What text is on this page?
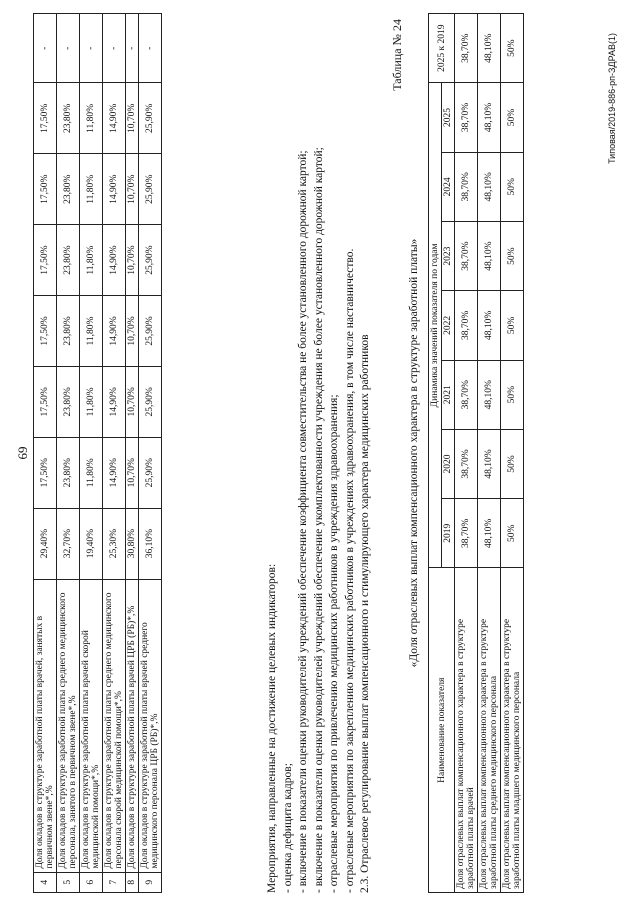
69
4	Доля окладов в структуре заработной платы врачей, занятых в первичном звене*,%	29,40%	17,50%	17,50%	17,50%	17,50%	17,50%	17,50%	-
5	Доля окладов в структуре заработной платы среднего медицинского персонала, занятого в первичном звене*,%	32,70%	23,80%	23,80%	23,80%	23,80%	23,80%	23,80%	-
6	Доля окладов в структуре заработной платы врачей скорой медицинской помощи*,%	19,40%	11,80%	11,80%	11,80%	11,80%	11,80%	11,80%	-
7	Доля окладов в структуре заработной платы среднего медицинского персонала скорой медицинской помощи*,%	25,30%	14,90%	14,90%	14,90%	14,90%	14,90%	14,90%	-
8	Доля окладов в структуре заработной платы врачей ЦРБ (РБ)*,%	30,80%	10,70%	10,70%	10,70%	10,70%	10,70%	10,70%	-
9	Доля окладов в структуре заработной платы врачей среднего медицинского персонала ЦРБ (РБ)*,%	36,10%	25,90%	25,90%	25,90%	25,90%	25,90%	25,90%	-

Мероприятия, направленные на достижение целевых индикаторов: - оценка дефицита кадров; - включение в показатели оценки руководителей учреждений обеспечение коэффициента совместительства не более установленного дорожной картой; - включение в показатели оценки руководителей учреждений обеспечение укомплектованности учреждения не более установленного дорожной картой; - отраслевые мероприятия по привлечению медицинских работников в учреждения здравоохранения; - отраслевые мероприятия по закреплению медицинских работников в учреждениях здравоохранения, в том числе наставничество. 2.3. Отраслевое регулирование выплат компенсационного и стимулирующего характера медицинских работников

Таблица № 24
«Доля отраслевых выплат компенсационного характера в структуре заработной платы»
Наименование показателя	Динамика значений показателя по годам							2025 к 2019
	2019	2020	2021	2022	2023	2024	2025	
Доля отраслевых выплат компенсационного характера в структуре заработной платы врачей	38,70%	38,70%	38,70%	38,70%	38,70%	38,70%	38,70%	38,70%
Доля отраслевых выплат компенсационного характера в структуре заработной платы среднего медицинского персонала	48,10%	48,10%	48,10%	48,10%	48,10%	48,10%	48,10%	48,10%
Доля отраслевых выплат компенсационного характера в структуре заработной платы младшего медицинского персонала	50%	50%	50%	50%	50%	50%	50%	50%	Типовая/2019-886-рп-ЗДРАВ(1)
